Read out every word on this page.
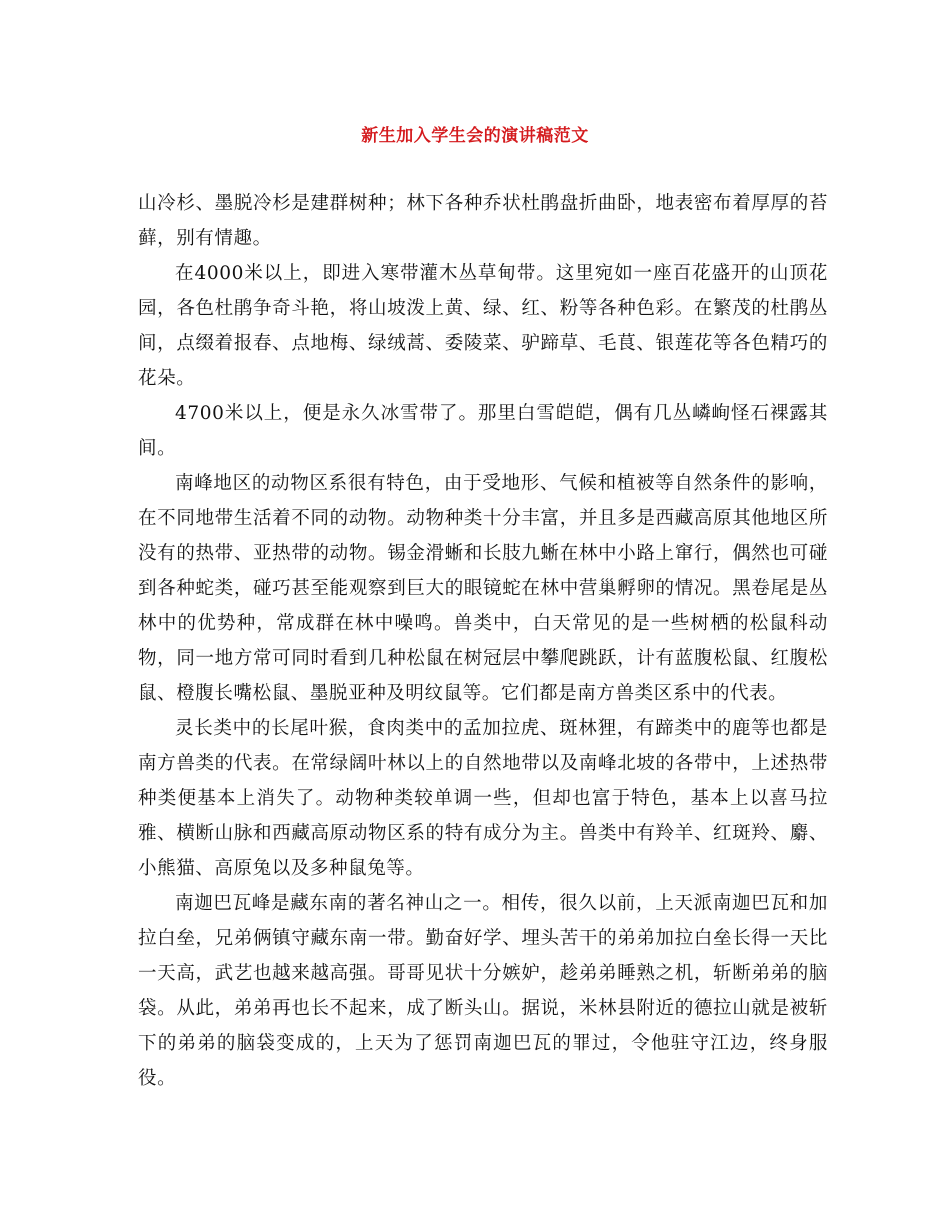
新生加入学生会的演讲稿范文

山冷杉、墨脱冷杉是建群树种；林下各种乔状杜鹃盘折曲卧，地表密布着厚厚的苔藓，别有情趣。

在4000米以上，即进入寒带灌木丛草甸带。这里宛如一座百花盛开的山顶花园，各色杜鹃争奇斗艳，将山坡泼上黄、绿、红、粉等各种色彩。在繁茂的杜鹃丛间，点缀着报春、点地梅、绿绒蒿、委陵菜、驴蹄草、毛茛、银莲花等各色精巧的花朵。

4700米以上，便是永久冰雪带了。那里白雪皑皑，偶有几丛嶙峋怪石裸露其间。

南峰地区的动物区系很有特色，由于受地形、气候和植被等自然条件的影响，在不同地带生活着不同的动物。动物种类十分丰富，并且多是西藏高原其他地区所没有的热带、亚热带的动物。锡金滑蜥和长肢九蜥在林中小路上窜行，偶然也可碰到各种蛇类，碰巧甚至能观察到巨大的眼镜蛇在林中营巢孵卵的情况。黑卷尾是丛林中的优势种，常成群在林中噪鸣。兽类中，白天常见的是一些树栖的松鼠科动物，同一地方常可同时看到几种松鼠在树冠层中攀爬跳跃，计有蓝腹松鼠、红腹松鼠、橙腹长嘴松鼠、墨脱亚种及明纹鼠等。它们都是南方兽类区系中的代表。

灵长类中的长尾叶猴，食肉类中的孟加拉虎、斑林狸，有蹄类中的鹿等也都是南方兽类的代表。在常绿阔叶林以上的自然地带以及南峰北坡的各带中，上述热带种类便基本上消失了。动物种类较单调一些，但却也富于特色，基本上以喜马拉雅、横断山脉和西藏高原动物区系的特有成分为主。兽类中有羚羊、红斑羚、麝、小熊猫、高原兔以及多种鼠兔等。

南迦巴瓦峰是藏东南的著名神山之一。相传，很久以前，上天派南迦巴瓦和加拉白垒，兄弟俩镇守藏东南一带。勤奋好学、埋头苦干的弟弟加拉白垒长得一天比一天高，武艺也越来越高强。哥哥见状十分嫉妒，趁弟弟睡熟之机，斩断弟弟的脑袋。从此，弟弟再也长不起来，成了断头山。据说，米林县附近的德拉山就是被斩下的弟弟的脑袋变成的，上天为了惩罚南迦巴瓦的罪过，令他驻守江边，终身服役。
